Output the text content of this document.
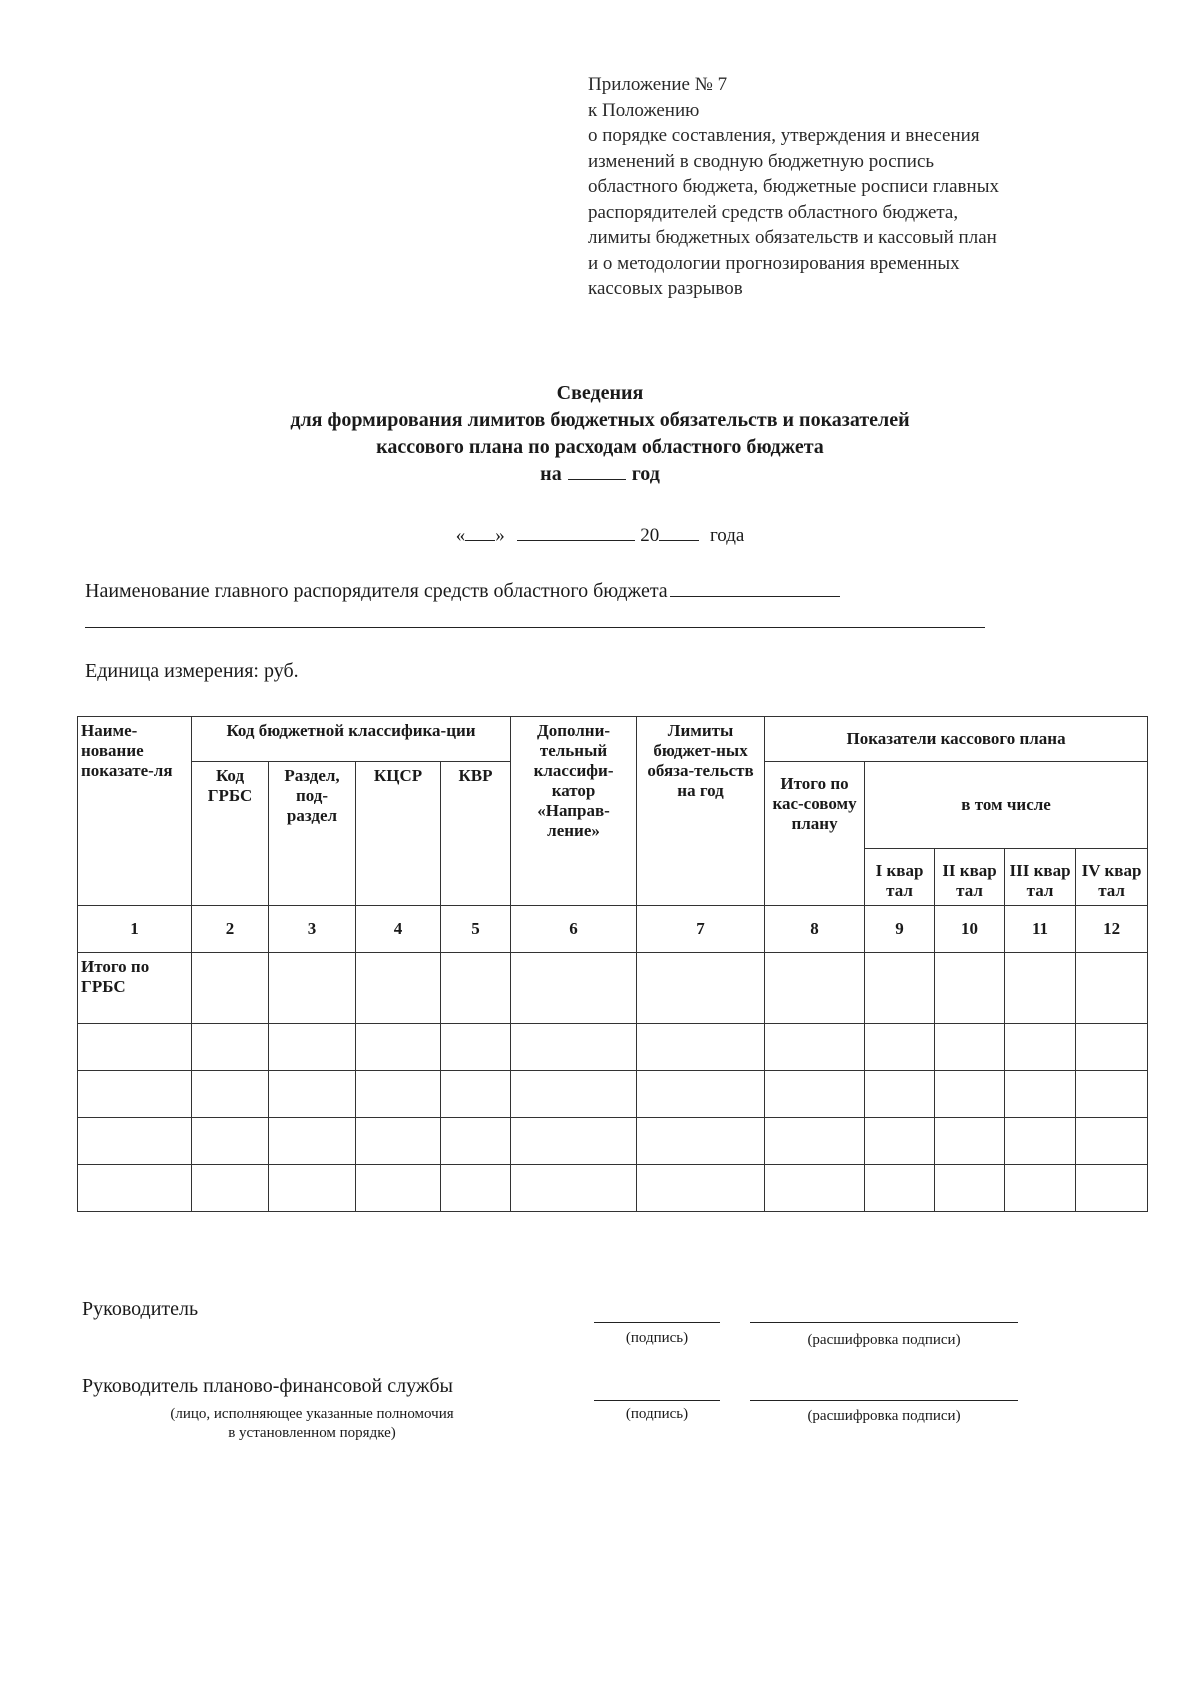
Приложение № 7
к Положению
о порядке составления, утверждения и внесения
изменений в сводную бюджетную роспись
областного бюджета, бюджетные росписи главных
распорядителей средств областного бюджета,
лимиты бюджетных обязательств и кассовый план
и о методологии прогнозирования временных
кассовых разрывов
Сведения
для формирования лимитов бюджетных обязательств и показателей
кассового плана по расходам областного бюджета
на	год
« »	20	года
Наименование главного распорядителя средств областного бюджета
Единица измерения: руб.
Наиме-нование показате-ля	Код бюджетной классифика-ции				Дополни-тельный классифи-катор «Направ-ление»	Лимиты бюджет-ных обяза-тельств на год	Показатели кассового плана				
	Код ГРБС	Раздел, под-раздел	КЦСР	КВР			Итого по кас-совому плану	в том числе			
								I квар тал	II квар тал	III квар тал	IV квар тал
1	2	3	4	5	6	7	8	9	10	11	12
Итого по ГРБС											

Руководитель
(подпись)	(расшифровка подписи)
Руководитель планово-финансовой службы
(лицо, исполняющее указанные полномочия
в установленном порядке)
(подпись)	(расшифровка подписи)
